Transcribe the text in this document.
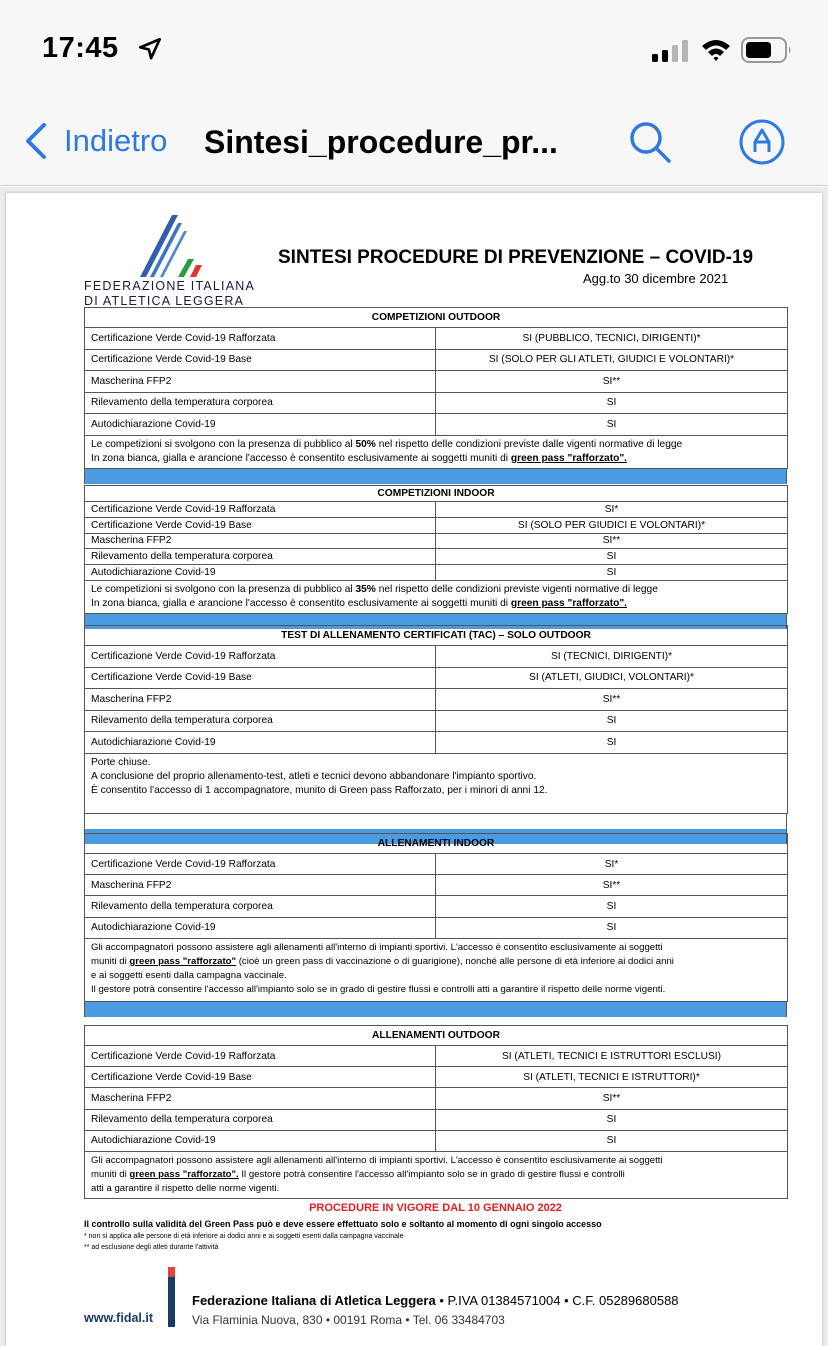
17:45
Indietro Sintesi_procedure_pr...
FEDERAZIONE ITALIANA
DI ATLETICA LEGGERA
SINTESI PROCEDURE DI PREVENZIONE – COVID-19
Agg.to 30 dicembre 2021
COMPETIZIONI OUTDOOR	
Certificazione Verde Covid-19 Rafforzata	SI (PUBBLICO, TECNICI, DIRIGENTI)*
Certificazione Verde Covid-19 Base	SI (SOLO PER GLI ATLETI, GIUDICI E VOLONTARI)*
Mascherina FFP2	SI**
Rilevamento della temperatura corporea	SI
Autodichiarazione Covid-19	SI

Le competizioni si svolgono con la presenza di pubblico al 50% nel rispetto delle condizioni previste dalle vigenti normative di legge
In zona bianca, gialla e arancione l'accesso è consentito esclusivamente ai soggetti muniti di green pass "rafforzato".	
COMPETIZIONI INDOOR	
Certificazione Verde Covid-19 Rafforzata	SI*
Certificazione Verde Covid-19 Base	SI (SOLO PER GIUDICI E VOLONTARI)*
Mascherina FFP2	SI**
Rilevamento della temperatura corporea	SI
Autodichiarazione Covid-19	SI

Le competizioni si svolgono con la presenza di pubblico al 35% nel rispetto delle condizioni previste vigenti normative di legge
In zona bianca, gialla e arancione l'accesso è consentito esclusivamente ai soggetti muniti di green pass "rafforzato".	
TEST DI ALLENAMENTO CERTIFICATI (TAC) – SOLO OUTDOOR	
Certificazione Verde Covid-19 Rafforzata	SI (TECNICI, DIRIGENTI)*
Certificazione Verde Covid-19 Base	SI (ATLETI, GIUDICI, VOLONTARI)*
Mascherina FFP2	SI**
Rilevamento della temperatura corporea	SI
Autodichiarazione Covid-19	SI

Porte chiuse.
A conclusione del proprio allenamento-test, atleti e tecnici devono abbandonare l'impianto sportivo.
È consentito l'accesso di 1 accompagnatore, munito di Green pass Rafforzato, per i minori di anni 12.	
ALLENAMENTI INDOOR	
Certificazione Verde Covid-19 Rafforzata	SI*
Mascherina FFP2	SI**
Rilevamento della temperatura corporea	SI
Autodichiarazione Covid-19	SI

Gli accompagnatori possono assistere agli allenamenti all'interno di impianti sportivi. L'accesso è consentito esclusivamente ai soggetti
muniti di green pass "rafforzato" (cioè un green pass di vaccinazione o di guarigione), nonché alle persone di età inferiore ai dodici anni
e ai soggetti esenti dalla campagna vaccinale.
Il gestore potrà consentire l'accesso all'impianto solo se in grado di gestire flussi e controlli atti a garantire il rispetto delle norme vigenti.	
ALLENAMENTI OUTDOOR	
Certificazione Verde Covid-19 Rafforzata	SI (ATLETI, TECNICI E ISTRUTTORI ESCLUSI)
Certificazione Verde Covid-19 Base	SI (ATLETI, TECNICI E ISTRUTTORI)*
Mascherina FFP2	SI**
Rilevamento della temperatura corporea	SI
Autodichiarazione Covid-19	SI

Gli accompagnatori possono assistere agli allenamenti all'interno di impianti sportivi. L'accesso è consentito esclusivamente ai soggetti
muniti di green pass "rafforzato". Il gestore potrà consentire l'accesso all'impianto solo se in grado di gestire flussi e controlli
atti a garantire il rispetto delle norme vigenti.	
PROCEDURE IN VIGORE DAL 10 GENNAIO 2022
Il controllo sulla validità del Green Pass può e deve essere effettuato solo e soltanto al momento di ogni singolo accesso
* non si applica alle persone di età inferiore ai dodici anni e ai soggetti esenti dalla campagna vaccinale
** ad esclusione degli atleti durante l'attività
www.fidal.it
Federazione Italiana di Atletica Leggera • P.IVA 01384571004 • C.F. 05289680588
Via Flaminia Nuova, 830 • 00191 Roma • Tel. 06 33484703
